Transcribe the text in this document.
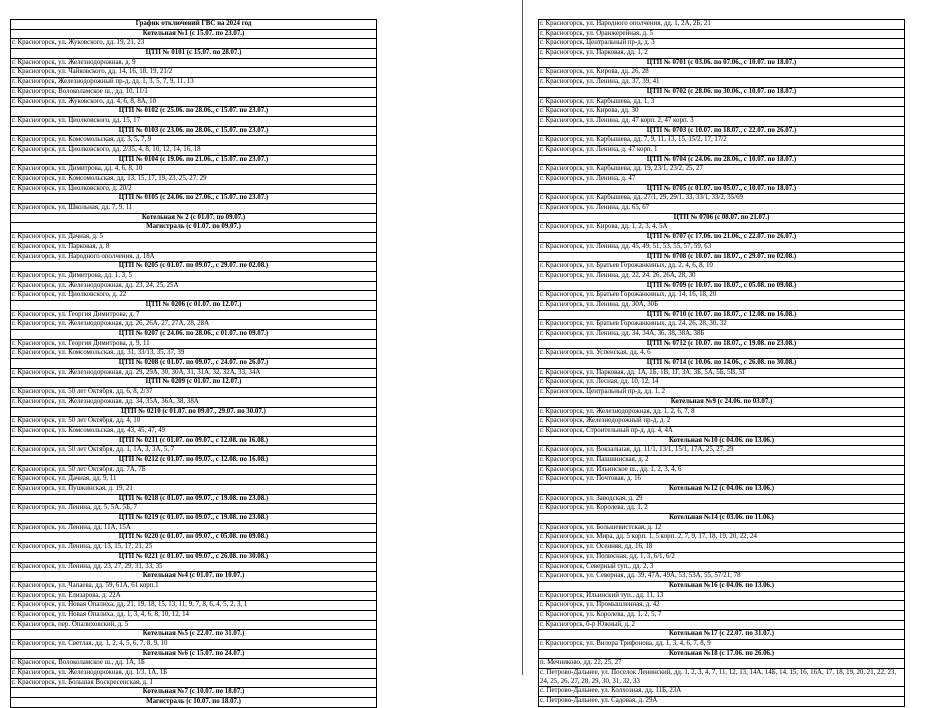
График отключений ГВС на 2024 год
Котельная №1 (с 15.07. по 23.07.)
г. Красногорск, ул. Жуковского, дд. 19, 21, 23
ЦТП № 0101 (с 15.07. по 28.07.)
г. Красногорск, ул. Железнодорожная, д. 9
г. Красногорск, ул. Чайковского, дд. 14, 16, 18, 19, 21/2
г. Красногорск, Железнодорожный пр-д, дд. 1, 3, 5, 7, 9, 11, 13
г. Красногорск, Волоколамское ш., дд. 10, 11/1
г. Красногорск, ул. Жуковского, дд. 4, 6, 8, 8А, 10
ЦТП № 0102 (с 25.06. по 28.06., с 15.07. по 23.07.)
г. Красногорск, ул. Циолковского, дд. 15, 17
ЦТП № 0103 (с 23.06. по 28.06., с 15.07. по 23.07.)
г. Красногорск, ул. Комсомольская, дд. 3, 5, 7, 9
г. Красногорск, ул. Циолковского, дд. 2/35, 4, 8, 10, 12, 14, 16, 18
ЦТП № 0104 (с 19.06. по 21.06., с 15.07. по 23.07.)
г. Красногорск, ул. Димитрова, дд. 4, 6, 8, 10
г. Красногорск, ул. Комсомольская, дд. 13, 15, 17, 19, 23, 25, 27, 29
г. Красногорск, ул. Циолковского, д. 20/2
ЦТП № 0105 (с 24.06. по 27.06., с 15.07. по 23.07.)
г. Красногорск, ул. Школьная, дд. 7, 9, 11
Котельная № 2 (с 01.07. по 09.07.)
Магистраль (с 01.07. по 09.07.)
г. Красногорск, ул. Дачная, д. 5
г. Красногорск, ул. Парковая, д. 8
г. Красногорск, ул. Народного ополчения, д. 18А
ЦТП № 0205 (с 01.07. по 09.07., с 29.07. по 02.08.)
г. Красногорск, ул. Димитрова, дд. 1, 3, 5
г. Красногорск, ул. Железнодорожная, дд. 23, 24, 25, 25А
г. Красногорск, ул. Циолковского, д. 22
ЦТП № 0206 (с 01.07. по 12.07.)
г. Красногорск, ул. Георгия Димитрова, д. 7
г. Красногорск, ул. Железнодорожная, дд. 26, 26А, 27, 27А, 28, 28А
ЦТП № 0207 (с 24.06. по 28.06., с 01.07. по 09.07.)
г. Красногорск, ул. Георгия Димитрова, д. 9, 11
г. Красногорск, ул. Комсомольская, дд. 31, 33/13, 35, 37, 39
ЦТП № 0208 (с 01.07. по 09.07., с 24.07. по 26.07.)
г. Красногорск, ул. Железнодорожная, дд. 29, 29А, 30, 30А, 31, 31А, 32, 32А, 33, 34А
ЦТП № 0209 (с 01.07. по 12.07.)
г. Красногорск, ул. 50 лет Октября, дд. 6, 8, 2/37
г. Красногорск, ул. Железнодорожная, дд. 34, 35А, 36А, 38, 38А
ЦТП № 0210 (с 01.07. по 09.07., 29.07. по 30.07.)
г. Красногорск, ул. 50 лет Октября, дд. 4, 10
г. Красногорск, ул. Комсомольская, дд. 43, 45, 47, 49
ЦТП № 0211 (с 01.07. по 09.07., с 12.08. по 16.08.)
г. Красногорск, ул. 50 лет Октября, дд. 1, 1А, 3, 3А, 5, 7
ЦТП № 0212 (с 01.07. по 09.07., с 12.08. по 16.08.)
г. Красногорск, ул. 50 лет Октября, дд. 7А, 7Б
г. Красногорск, ул. Дачная, дд. 9, 11
г. Красногорск, ул. Пушкинская, д. 19, 21
ЦТП № 0218 (с 01.07. по 09.07., с 19.08. по 23.08.)
г. Красногорск, ул. Ленина, дд. 5, 5А, 5Б, 7
ЦТП № 0219 (с 01.07. по 09.07., с 19.08. по 23.08.)
г. Красногорск, ул. Ленина, дд. 11А, 15А
ЦТП № 0220 (с 01.07. по 09.07., с 05.08. по 09.08.)
г. Красногорск, ул. Ленина, дд. 13, 15, 17, 21, 25
ЦТП № 0221 (с 01.07. по 09.07., с 26.08. по 30.08.)
г. Красногорск, ул. Ленина, дд. 23, 27, 29, 31, 33, 35
Котельная №4 (с 01.07. по 10.07.)
г. Красногорск, ул. Чапаева, дд. 59, 61А, 61 корп.1
г. Красногорск, ул. Елизарова, д. 22А
г. Красногорск, ул. Новая Опалиха, дд. 21, 19, 18, 15, 13, 11, 9, 7, 8, 6, 4, 5, 2, 3, 1
г. Красногорск, ул. Новая Опалиха, дд. 1, 3, 4, 6, 8, 10, 12, 14
г. Красногорск, пер. Опалиховский, д. 5
Котельная №5 (с 22.07. по 31.07.)
г. Красногорск, ул. Светлая, дд. 1, 2, 4, 5, 6, 7, 8, 9, 10
Котельная №6 (с 15.07. по 24.07.)
г. Красногорск, Волоколамское ш., дд. 1А, 1Б
г. Красногорск, ул. Железнодорожная, дд. 1/3, 1А, 1Б
г. Красногорск, ул. Большая Воскресенская, д. 1
Котельная №7 (с 10.07. по 18.07.)
Магистраль (с 10.07. по 18.07.)
г. Красногорск, ул. Народного ополчения, дд. 1, 2А, 2Б, 21
г. Красногорск, ул. Оранжерейная, д. 5
г. Красногорск, Центральный пр-д, д. 3
г. Красногорск, ул. Парковая, дд. 1, 2
ЦТП № 0701 (с 03.06. по 07.06., с 10.07. по 18.07.)
г. Красногорск, ул. Кирова, дд. 26, 28
г. Красногорск, ул. Ленина, дд. 37, 39, 41
ЦТП № 0702 (с 28.06. по 30.06., с 10.07. по 18.07.)
г. Красногорск, ул. Карбышева, дд. 1, 3
г. Красногорск, ул. Кирова, дд. 30
г. Красногорск, ул. Ленина, дд. 47 корп. 2, 47 корп. 3
ЦТП № 0703 (с 10.07. по 18.07., с 22.07. по 26.07.)
г. Красногорск, ул. Карбышева, дд. 7, 9, 11, 13, 15, 15/2, 17, 17/2
г. Красногорск, ул. Ленина, д. 47 корп. 1
ЦТП № 0704 (с 24.06. по 28.06., с 10.07. по 18.07.)
г. Красногорск, ул. Карбышева, дд. 19, 23/1, 23/2, 25, 27
г. Красногорск, ул. Ленина, д. 47
ЦТП № 0705 (с 01.07. по 05.07., с 10.07. по 18.07.)
г. Красногорск, ул. Карбышева, дд. 27/1, 29, 29/1, 33, 33/1, 33/2, 35/69
г. Красногорск, ул. Ленина, дд. 65, 67
ЦТП № 0706 (с 08.07. по 21.07.)
г. Красногорск, ул. Кирова, дд. 1, 2, 3, 4, 5А
ЦТП № 0707 (с 17.06. по 21.06., с 22.07. по 26.07.)
г. Красногорск, ул. Ленина, дд. 45, 49, 51, 53, 55, 57, 59, 63
ЦТП № 0708 (с 10.07. по 18.07., с 29.07. по 02.08.)
г. Красногорск, ул. Братьев Горожанкиных, дд. 2, 4, 6, 8, 10
г. Красногорск, ул. Ленина, дд. 22, 24, 26, 26А, 28, 30
ЦТП № 0709 (с 10.07. по 18.07., с 05.08. по 09.08.)
г. Красногорск, ул. Братьев Горожанкиных, дд. 14, 16, 18, 20
г. Красногорск, ул. Ленина, дд. 30А, 30Б
ЦТП № 0710 (с 10.07. по 18.07., с 12.08. по 16.08.)
г. Красногорск, ул. Братьев Горожанкиных, дд. 24, 26, 28, 30, 32
г. Красногорск, ул. Ленина, дд. 34, 34А, 36, 38, 38А, 38Б
ЦТП № 0712 (с 10.07. по 18.07., с 19.08. по 23.08.)
г. Красногорск, ул. Успенская, дд. 4, 6
ЦТП № 0714 (с 10.06. по 14.06., с 26.08. по 30.08.)
г. Красногорск, ул. Парковая, дд. 1А, 1Б, 1В, 1Г, 3А, 3Б, 5А, 5Б, 5В, 5Г
г. Красногорск, ул. Лесная, дд. 10, 12, 14
г. Красногорск, Центральный пр-д, дд. 1, 2
Котельная №9 (с 24.06. по 03.07.)
г. Красногорск, ул. Железнодорожная, дд. 1, 2, 6, 7, 8
г. Красногорск, Железнодорожный пр-д, д. 2
г. Красногорск, Строительный пр-д, дд. 4, 4А
Котельная №10 (с 04.06. по 13.06.)
г. Красногорск, ул. Вокзальная, дд. 11/1, 13/1, 15/1, 17А, 25, 27, 29
г. Красногорск, ул. Пашшинская, д. 2
г. Красногорск, ул. Ильинское ш., дд. 1, 2, 3, 4, 6
г. Красногорск, ул. Почтовая, д. 16
Котельная №12 (с 04.06. по 13.06.)
г. Красногорск, ул. Заводская, д. 29
г. Красногорск, ул. Королева, дд. 1, 2
Котельная №14 (с 03.06. по 11.06.)
г. Красногорск, ул. Большевистская, д. 12
г. Красногорск, ул. Мира, дд. 5 корп. 1, 5 корп. 2, 7, 9, 17, 18, 19, 20, 22, 24
г. Красногорск, ул. Осенняя, дд. 16, 18
г. Красногорск, ул. Полюсная, дд. 1, 3, 6/1, 6/2
г. Красногорск, Северный туп., дд. 2, 3
г. Красногорск, ул. Северная, дд. 39, 47А, 49А, 53, 53А, 55, 57/21, 78
Котельная №16 (с 04.06. по 13.06.)
г. Красногорск, Ильинский туп., дд. 11, 13
г. Красногорск, ул. Промышленная, д. 42
г. Красногорск, ул. Королева, дд. 1, 2, 5, 7
г. Красногорск, б-р Южный, д. 2
Котельная №17 (с 22.07. по 31.07.)
г. Красногорск, ул. Вилора Трифонова, дд. 1, 3, 4, 6, 7, 8, 9
Котельная №18 (с 17.06. по 26.06.)
п. Мечниково, дд. 22, 25, 27
с. Петрово-Дальнее, ул. Поселок Ленинский, дд. 1, 2, 3, 4, 7, 11, 12, 13, 14А, 14Б, 14, 15, 16, 16А, 17, 18, 19, 20, 21, 22, 23, 24, 25, 26, 27, 28, 29, 30, 31, 32, 33
с. Петрово-Дальнее, ул. Колхозная, дд. 11Б, 23А
с. Петрово-Дальнее, ул. Садовая, д. 29А
